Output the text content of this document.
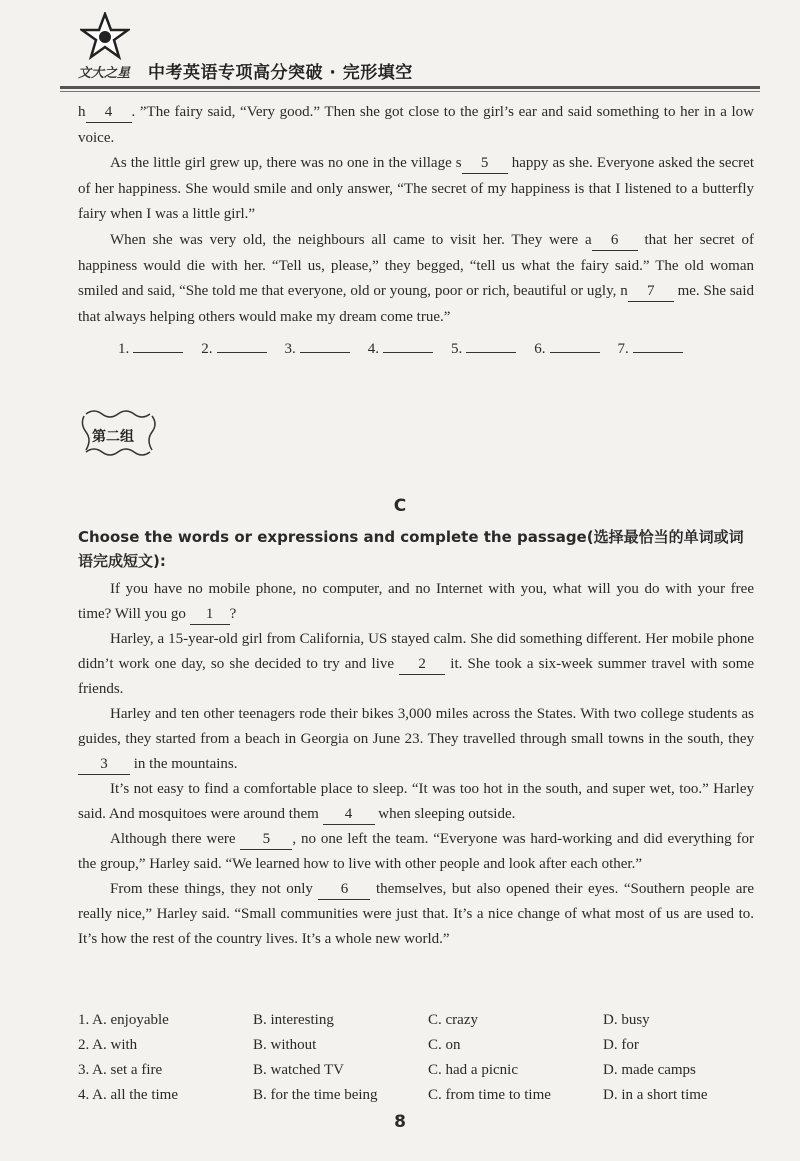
文大之星 中考英语专项高分突破 · 完形填空

h 4 . ”The fairy said, “Very good.” Then she got close to the girl’s ear and said something to her in a low voice.

As the little girl grew up, there was no one in the village s 5 happy as she. Everyone asked the secret of her happiness. She would smile and only answer, “The secret of my happiness is that I listened to a butterfly fairy when I was a little girl.”

When she was very old, the neighbours all came to visit her. They were a 6 that her secret of happiness would die with her. “Tell us, please,” they begged, “tell us what the fairy said.” The old woman smiled and said, “She told me that everyone, old or young, poor or rich, beautiful or ugly, n 7 me. She said that always helping others would make my dream come true.”

1.	2.	3.	4.	5.	6.	7.
第二组
C
Choose the words or expressions and complete the passage(选择最恰当的单词或词语完成短文):

If you have no mobile phone, no computer, and no Internet with you, what will you do with your free time? Will you go 1 ?

Harley, a 15-year-old girl from California, US stayed calm. She did something different. Her mobile phone didn’t work one day, so she decided to try and live 2 it. She took a six-week summer travel with some friends.

Harley and ten other teenagers rode their bikes 3,000 miles across the States. With two college students as guides, they started from a beach in Georgia on June 23. They travelled through small towns in the south, they 3 in the mountains.

It’s not easy to find a comfortable place to sleep. “It was too hot in the south, and super wet, too.” Harley said. And mosquitoes were around them 4 when sleeping outside.

Although there were 5 , no one left the team. “Everyone was hard-working and did everything for the group,” Harley said. “We learned how to live with other people and look after each other.”

From these things, they not only 6 themselves, but also opened their eyes. “Southern people are really nice,” Harley said. “Small communities were just that. It’s a nice change of what most of us are used to. It’s how the rest of the country lives. It’s a whole new world.”

1. A. enjoyable	B. interesting	C. crazy	D. busy
2. A. with	B. without	C. on	D. for
3. A. set a fire	B. watched TV	C. had a picnic	D. made camps
4. A. all the time	B. for the time being	C. from time to time	D. in a short time
8
